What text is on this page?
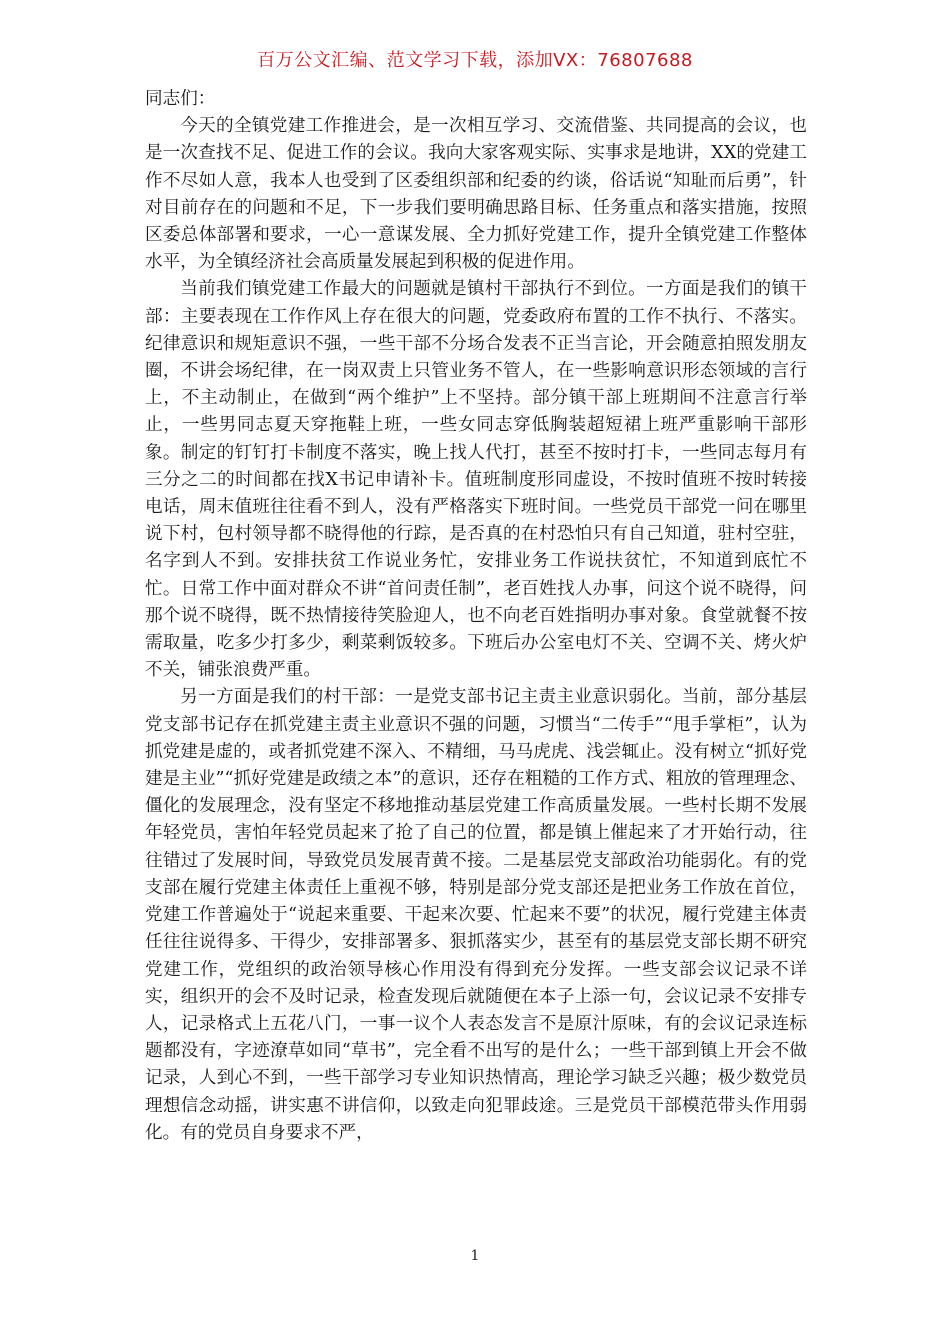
百万公文汇编、范文学习下载，添加VX：76807688

同志们：

今天的全镇党建工作推进会，是一次相互学习、交流借鉴、共同提高的会议，也是一次查找不足、促进工作的会议。我向大家客观实际、实事求是地讲，XX的党建工作不尽如人意，我本人也受到了区委组织部和纪委的约谈，俗话说“知耻而后勇”，针对目前存在的问题和不足，下一步我们要明确思路目标、任务重点和落实措施，按照区委总体部署和要求，一心一意谋发展、全力抓好党建工作，提升全镇党建工作整体水平，为全镇经济社会高质量发展起到积极的促进作用。

当前我们镇党建工作最大的问题就是镇村干部执行不到位。一方面是我们的镇干部：主要表现在工作作风上存在很大的问题，党委政府布置的工作不执行、不落实。纪律意识和规矩意识不强，一些干部不分场合发表不正当言论，开会随意拍照发朋友圈，不讲会场纪律，在一岗双责上只管业务不管人，在一些影响意识形态领域的言行上，不主动制止，在做到“两个维护”上不坚持。部分镇干部上班期间不注意言行举止，一些男同志夏天穿拖鞋上班，一些女同志穿低胸装超短裙上班严重影响干部形象。制定的钉钉打卡制度不落实，晚上找人代打，甚至不按时打卡，一些同志每月有三分之二的时间都在找X书记申请补卡。值班制度形同虚设，不按时值班不按时转接电话，周末值班往往看不到人，没有严格落实下班时间。一些党员干部党一问在哪里说下村，包村领导都不晓得他的行踪，是否真的在村恐怕只有自己知道，驻村空驻，名字到人不到。安排扶贫工作说业务忙，安排业务工作说扶贫忙，不知道到底忙不忙。日常工作中面对群众不讲“首问责任制”，老百姓找人办事，问这个说不晓得，问那个说不晓得，既不热情接待笑脸迎人，也不向老百姓指明办事对象。食堂就餐不按需取量，吃多少打多少，剩菜剩饭较多。下班后办公室电灯不关、空调不关、烤火炉不关，铺张浪费严重。

另一方面是我们的村干部：一是党支部书记主责主业意识弱化。当前，部分基层党支部书记存在抓党建主责主业意识不强的问题，习惯当“二传手”“甩手掌柜”，认为抓党建是虚的，或者抓党建不深入、不精细，马马虎虎、浅尝辄止。没有树立“抓好党建是主业”“抓好党建是政绩之本”的意识，还存在粗糙的工作方式、粗放的管理理念、僵化的发展理念，没有坚定不移地推动基层党建工作高质量发展。一些村长期不发展年轻党员，害怕年轻党员起来了抢了自己的位置，都是镇上催起来了才开始行动，往往错过了发展时间，导致党员发展青黄不接。二是基层党支部政治功能弱化。有的党支部在履行党建主体责任上重视不够，特别是部分党支部还是把业务工作放在首位，党建工作普遍处于“说起来重要、干起来次要、忙起来不要”的状况，履行党建主体责任往往说得多、干得少，安排部署多、狠抓落实少，甚至有的基层党支部长期不研究党建工作，党组织的政治领导核心作用没有得到充分发挥。一些支部会议记录不详实，组织开的会不及时记录，检查发现后就随便在本子上添一句，会议记录不安排专人，记录格式上五花八门，一事一议个人表态发言不是原汁原味，有的会议记录连标题都没有，字迹潦草如同“草书”，完全看不出写的是什么；一些干部到镇上开会不做记录，人到心不到，一些干部学习专业知识热情高，理论学习缺乏兴趣；极少数党员理想信念动摇，讲实惠不讲信仰，以致走向犯罪歧途。三是党员干部模范带头作用弱化。有的党员自身要求不严，

1
